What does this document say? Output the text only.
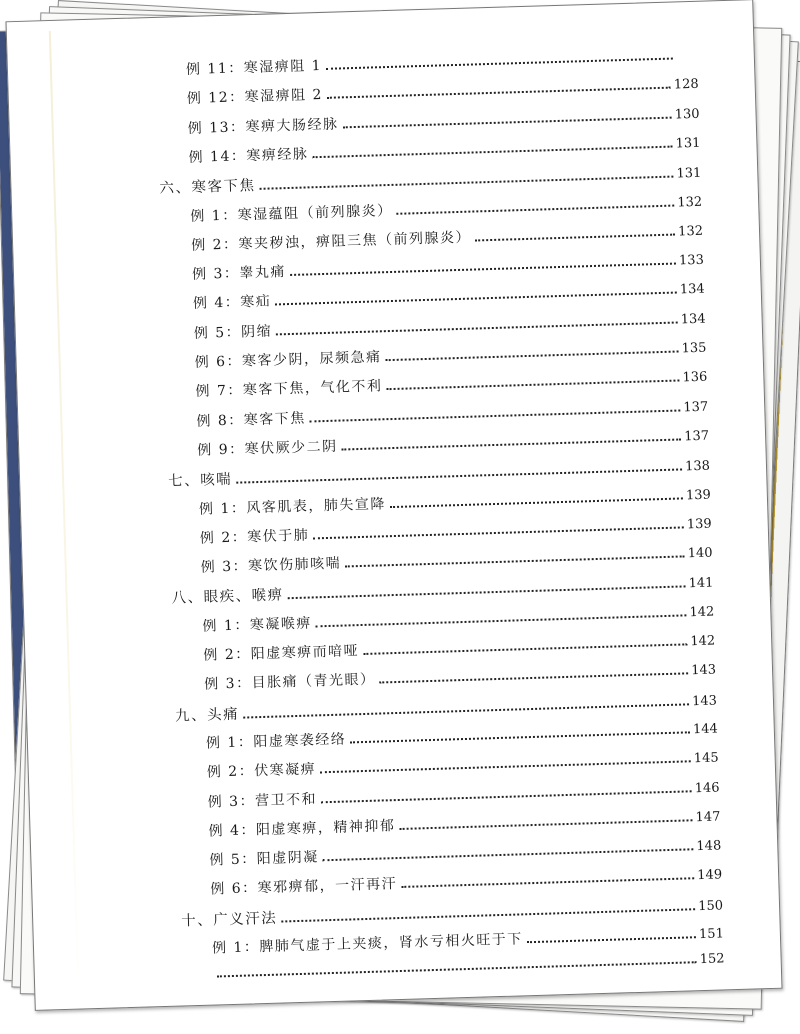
例 11：寒湿痹阻 1
例 12：寒湿痹阻 2
128
例 13：寒痹大肠经脉
130
例 14：寒痹经脉
131
六、寒客下焦
131
例 1：寒湿蕴阻（前列腺炎）
132
例 2：寒夹秽浊，痹阻三焦（前列腺炎）	132
例 3：睾丸痛
133
例 4：寒疝
134
例 5：阴缩
134
例 6：寒客少阴，尿频急痛
135
例 7：寒客下焦，气化不利
136
例 8：寒客下焦
137
例 9：寒伏厥少二阴
137
七、咳喘
138
例 1：风客肌表，肺失宣降
139
例 2：寒伏于肺
139
例 3：寒饮伤肺咳喘
140
八、眼疾、喉痹
141
例 1：寒凝喉痹
142
例 2：阳虚寒痹而喑哑
142
例 3：目胀痛（青光眼）
143
九、头痛
143
例 1：阳虚寒袭经络
144
例 2：伏寒凝痹
145
例 3：营卫不和
146
例 4：阳虚寒痹，精神抑郁
147
例 5：阳虚阴凝
148
例 6：寒邪痹郁，一汗再汗
149
十、广义汗法
150
例 1：脾肺气虚于上夹痰，肾水亏相火旺于下	151
152
